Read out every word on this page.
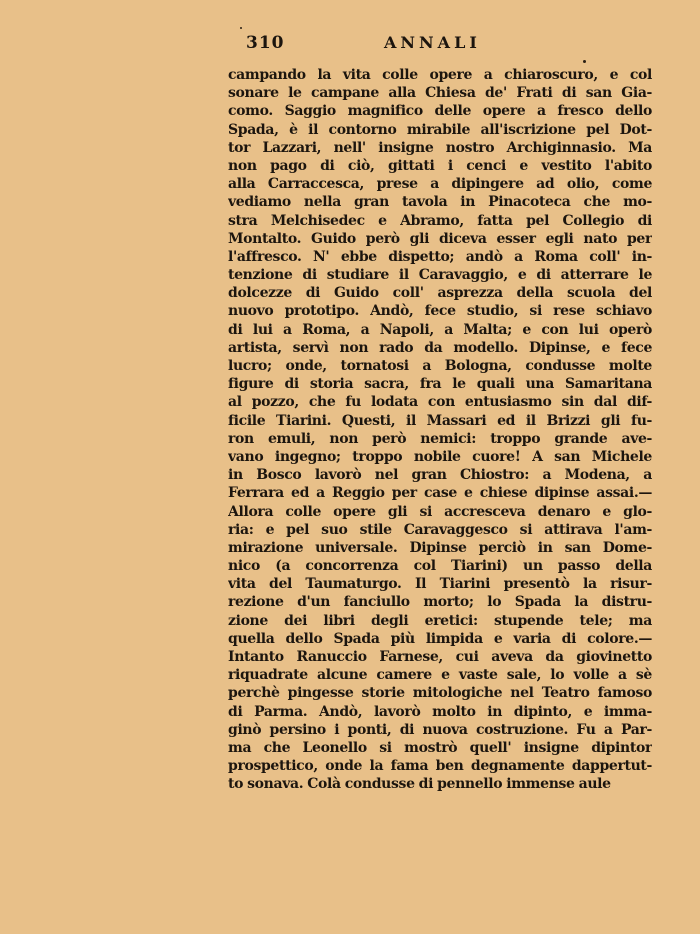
310	ANNALI
campando la vita colle opere a chiaroscuro, e col
sonare le campane alla Chiesa de' Frati di san Gia-
como. Saggio magnifico delle opere a fresco dello
Spada, è il contorno mirabile all'iscrizione pel Dot-
tor Lazzari, nell' insigne nostro Archiginnasio. Ma
non pago di ciò, gittati i cenci e vestito l'abito
alla Carraccesca, prese a dipingere ad olio, come
vediamo nella gran tavola in Pinacoteca che mo-
stra Melchisedec e Abramo, fatta pel Collegio di
Montalto. Guido però gli diceva esser egli nato per
l'affresco. N' ebbe dispetto; andò a Roma coll' in-
tenzione di studiare il Caravaggio, e di atterrare le
dolcezze di Guido coll' asprezza della scuola del
nuovo prototipo. Andò, fece studio, si rese schiavo
di lui a Roma, a Napoli, a Malta; e con lui operò
artista, servì non rado da modello. Dipinse, e fece
lucro; onde, tornatosi a Bologna, condusse molte
figure di storia sacra, fra le quali una Samaritana
al pozzo, che fu lodata con entusiasmo sin dal dif-
ficile Tiarini. Questi, il Massari ed il Brizzi gli fu-
ron emuli, non però nemici: troppo grande ave-
vano ingegno; troppo nobile cuore! A san Michele
in Bosco lavorò nel gran Chiostro: a Modena, a
Ferrara ed a Reggio per case e chiese dipinse assai.—
Allora colle opere gli si accresceva denaro e glo-
ria: e pel suo stile Caravaggesco si attirava l'am-
mirazione universale. Dipinse perciò in san Dome-
nico (a concorrenza col Tiarini) un passo della
vita del Taumaturgo. Il Tiarini presentò la risur-
rezione d'un fanciullo morto; lo Spada la distru-
zione dei libri degli eretici: stupende tele; ma
quella dello Spada più limpida e varia di colore.—
Intanto Ranuccio Farnese, cui aveva da giovinetto
riquadrate alcune camere e vaste sale, lo volle a sè
perchè pingesse storie mitologiche nel Teatro famoso
di Parma. Andò, lavorò molto in dipinto, e imma-
ginò persino i ponti, di nuova costruzione. Fu a Par-
ma che Leonello si mostrò quell' insigne dipintor
prospettico, onde la fama ben degnamente dappertut-
to sonava. Colà condusse di pennello immense aule
